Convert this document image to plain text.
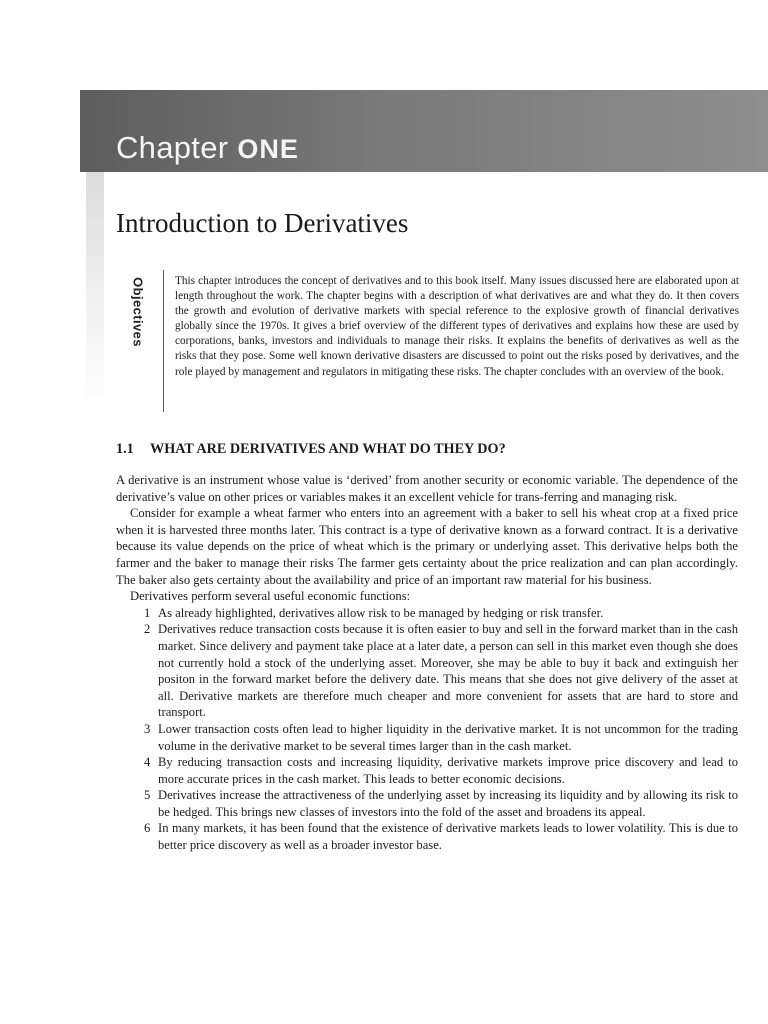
Chapter ONE
Introduction to Derivatives
Objectives	This chapter introduces the concept of derivatives and to this book itself. Many issues discussed here are elaborated upon at length throughout the work. The chapter begins with a description of what derivatives are and what they do. It then covers the growth and evolution of derivative markets with special reference to the explosive growth of financial derivatives globally since the 1970s. It gives a brief overview of the different types of derivatives and explains how these are used by corporations, banks, investors and individuals to manage their risks. It explains the benefits of derivatives as well as the risks that they pose. Some well known derivative disasters are discussed to point out the risks posed by derivatives, and the role played by management and regulators in mitigating these risks. The chapter concludes with an overview of the book.

1.1 WHAT ARE DERIVATIVES AND WHAT DO THEY DO?

A derivative is an instrument whose value is ‘derived’ from another security or economic variable. The dependence of the derivative’s value on other prices or variables makes it an excellent vehicle for trans-ferring and managing risk.

Consider for example a wheat farmer who enters into an agreement with a baker to sell his wheat crop at a fixed price when it is harvested three months later. This contract is a type of derivative known as a forward contract. It is a derivative because its value depends on the price of wheat which is the primary or underlying asset. This derivative helps both the farmer and the baker to manage their risks The farmer gets certainty about the price realization and can plan accordingly. The baker also gets certainty about the availability and price of an important raw material for his business.

Derivatives perform several useful economic functions:

1 As already highlighted, derivatives allow risk to be managed by hedging or risk transfer.
2 Derivatives reduce transaction costs because it is often easier to buy and sell in the forward market than in the cash market. Since delivery and payment take place at a later date, a person can sell in this market even though she does not currently hold a stock of the underlying asset. Moreover, she may be able to buy it back and extinguish her positon in the forward market before the delivery date. This means that she does not give delivery of the asset at all. Derivative markets are therefore much cheaper and more convenient for assets that are hard to store and transport.
3 Lower transaction costs often lead to higher liquidity in the derivative market. It is not uncommon for the trading volume in the derivative market to be several times larger than in the cash market.
4 By reducing transaction costs and increasing liquidity, derivative markets improve price discovery and lead to more accurate prices in the cash market. This leads to better economic decisions.
5 Derivatives increase the attractiveness of the underlying asset by increasing its liquidity and by allowing its risk to be hedged. This brings new classes of investors into the fold of the asset and broadens its appeal.
6 In many markets, it has been found that the existence of derivative markets leads to lower volatility. This is due to better price discovery as well as a broader investor base.
